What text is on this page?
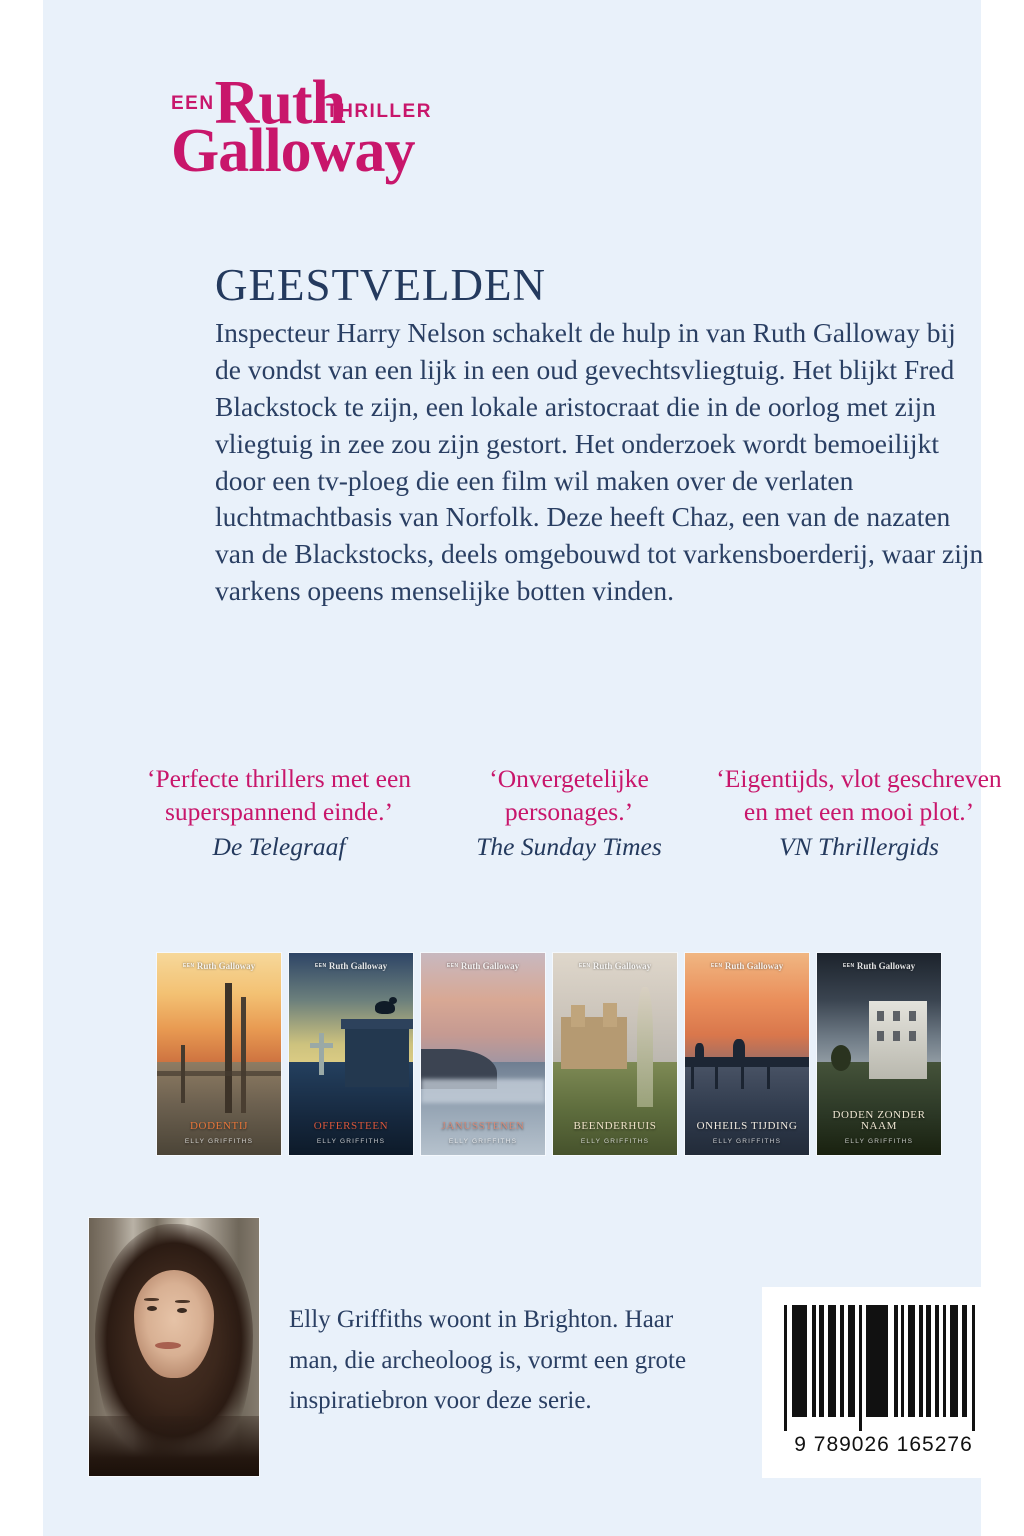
EENRuth
Galloway
THRILLER
GEESTVELDEN

Inspecteur Harry Nelson schakelt de hulp in van Ruth Galloway bij de vondst van een lijk in een oud gevechtsvliegtuig. Het blijkt Fred Blackstock te zijn, een lokale aristocraat die in de oorlog met zijn vliegtuig in zee zou zijn gestort. Het onderzoek wordt bemoeilijkt door een tv-ploeg die een film wil maken over de verlaten luchtmachtbasis van Norfolk. Deze heeft Chaz, een van de nazaten van de Blackstocks, deels omgebouwd tot varkensboerderij, waar zijn varkens opeens menselijke botten vinden.

‘Perfecte thrillers met een superspannend einde.’
De Telegraaf
‘Onvergetelijke personages.’
The Sunday Times
‘Eigentijds, vlot geschreven en met een mooi plot.’
VN Thrillergids
$^{EEN}$ Ruth Galloway
DODENTIJ
ELLY GRIFFITHS
$^{EEN}$ Ruth Galloway
OFFERSTEEN
ELLY GRIFFITHS
$^{EEN}$ Ruth Galloway
JANUSSTENEN
ELLY GRIFFITHS
$^{EEN}$ Ruth Galloway
BEENDERHUIS
ELLY GRIFFITHS
$^{EEN}$ Ruth Galloway
ONHEILS TIJDING
ELLY GRIFFITHS
$^{EEN}$ Ruth Galloway
DODEN ZONDER NAAM
ELLY GRIFFITHS
Elly Griffiths woont in Brighton. Haar man, die archeoloog is, vormt een grote inspiratiebron voor deze serie.
9 789026 165276
